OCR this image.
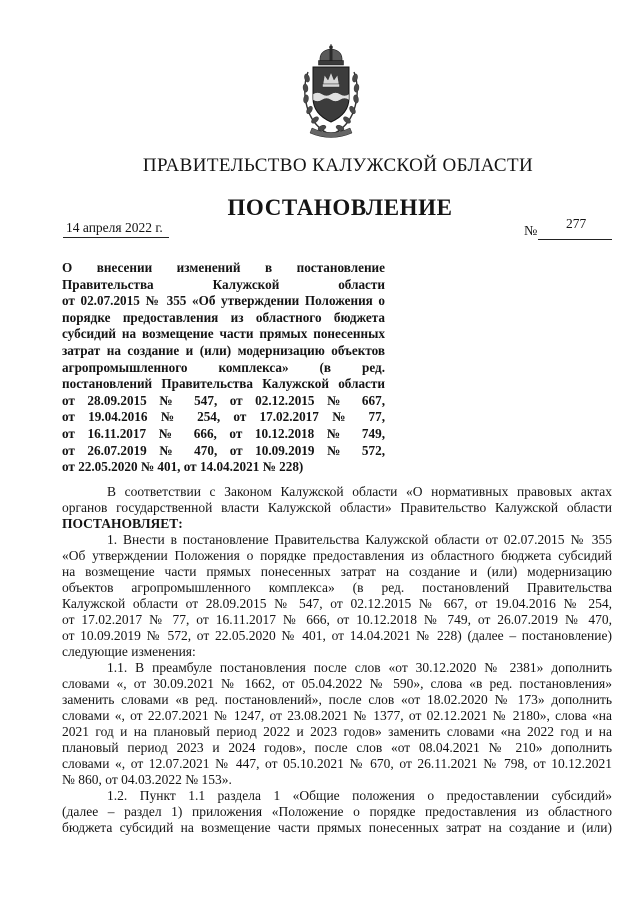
ПРАВИТЕЛЬСТВО КАЛУЖСКОЙ ОБЛАСТИ
ПОСТАНОВЛЕНИЕ
14 апреля 2022 г.	№
277
О внесении изменений в постановление
Правительства Калужской области
от 02.07.2015 № 355 «Об утверждении Положения о
порядке предоставления из областного бюджета
субсидий на возмещение части прямых понесенных
затрат на создание и (или) модернизацию объектов
агропромышленного комплекса» (в ред.
постановлений Правительства Калужской области
от 28.09.2015 № 547, от 02.12.2015 № 667,
от 19.04.2016 № 254, от 17.02.2017 № 77,
от 16.11.2017 № 666, от 10.12.2018 № 749,
от 26.07.2019 № 470, от 10.09.2019 № 572,
от 22.05.2020 № 401, от 14.04.2021 № 228)
В соответствии с Законом Калужской области «О нормативных правовых актах
органов государственной власти Калужской области» Правительство Калужской области
ПОСТАНОВЛЯЕТ:
1. Внести в постановление Правительства Калужской области от 02.07.2015 № 355
«Об утверждении Положения о порядке предоставления из областного бюджета субсидий
на возмещение части прямых понесенных затрат на создание и (или) модернизацию
объектов агропромышленного комплекса» (в ред. постановлений Правительства
Калужской области от 28.09.2015 № 547, от 02.12.2015 № 667, от 19.04.2016 № 254,
от 17.02.2017 № 77, от 16.11.2017 № 666, от 10.12.2018 № 749, от 26.07.2019 № 470,
от 10.09.2019 № 572, от 22.05.2020 № 401, от 14.04.2021 № 228) (далее – постановление)
следующие изменения:
1.1. В преамбуле постановления после слов «от 30.12.2020 № 2381» дополнить
словами «, от 30.09.2021 № 1662, от 05.04.2022 № 590», слова «в ред. постановления»
заменить словами «в ред. постановлений», после слов «от 18.02.2020 № 173» дополнить
словами «, от 22.07.2021 № 1247, от 23.08.2021 № 1377, от 02.12.2021 № 2180», слова «на
2021 год и на плановый период 2022 и 2023 годов» заменить словами «на 2022 год и на
плановый период 2023 и 2024 годов», после слов «от 08.04.2021 № 210» дополнить
словами «, от 12.07.2021 № 447, от 05.10.2021 № 670, от 26.11.2021 № 798, от 10.12.2021
№ 860, от 04.03.2022 № 153».
1.2. Пункт 1.1 раздела 1 «Общие положения о предоставлении субсидий»
(далее – раздел 1) приложения «Положение о порядке предоставления из областного
бюджета субсидий на возмещение части прямых понесенных затрат на создание и (или)
